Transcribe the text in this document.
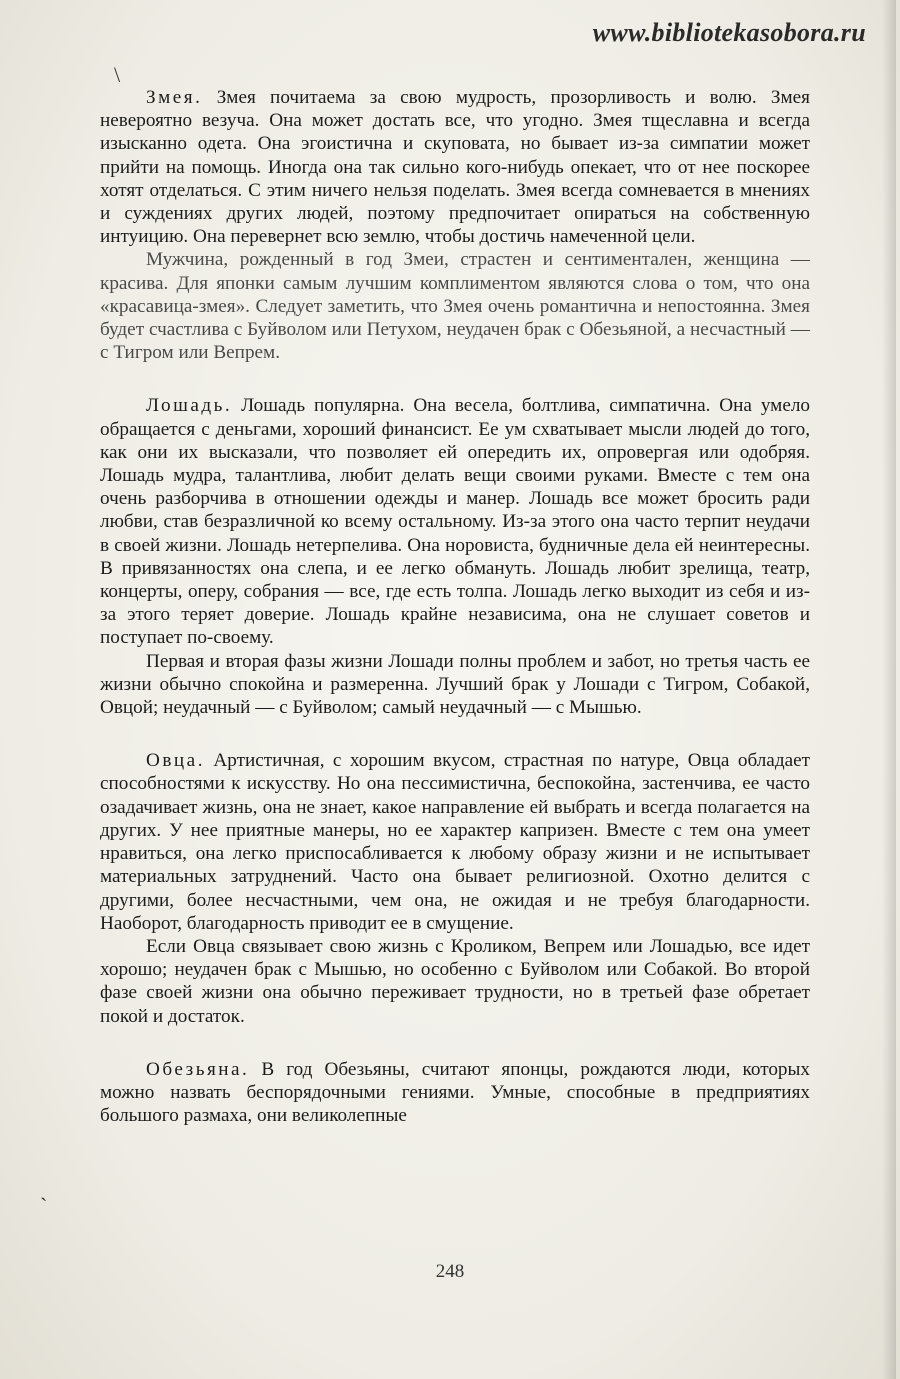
www.bibliotekasobora.ru
\
ˎ

Змея. Змея почитаема за свою мудрость, прозорливость и волю. Змея невероятно везуча. Она может достать все, что угодно. Змея тщеславна и всегда изысканно одета. Она эгоистична и скуповата, но бывает из-за симпатии может прийти на помощь. Иногда она так сильно кого-нибудь опекает, что от нее поскорее хотят отделаться. С этим ничего нельзя поделать. Змея всегда сомневается в мнениях и суждениях других людей, поэтому предпочитает опираться на собственную интуицию. Она перевернет всю землю, чтобы достичь намеченной цели.

Мужчина, рожденный в год Змеи, страстен и сентиментален, женщина — красива. Для японки самым лучшим комплиментом являются слова о том, что она «красавица-змея». Следует заметить, что Змея очень романтична и непостоянна. Змея будет счастлива с Буйволом или Петухом, неудачен брак с Обезьяной, а несчастный — с Тигром или Вепрем.

Лошадь. Лошадь популярна. Она весела, болтлива, симпатична. Она умело обращается с деньгами, хороший финансист. Ее ум схватывает мысли людей до того, как они их высказали, что позволяет ей опередить их, опровергая или одобряя. Лошадь мудра, талантлива, любит делать вещи своими руками. Вместе с тем она очень разборчива в отношении одежды и манер. Лошадь все может бросить ради любви, став безразличной ко всему остальному. Из-за этого она часто терпит неудачи в своей жизни. Лошадь нетерпелива. Она норовиста, будничные дела ей неинтересны. В привязанностях она слепа, и ее легко обмануть. Лошадь любит зрелища, театр, концерты, оперу, собрания — все, где есть толпа. Лошадь легко выходит из себя и из-за этого теряет доверие. Лошадь крайне независима, она не слушает советов и поступает по-своему.

Первая и вторая фазы жизни Лошади полны проблем и забот, но третья часть ее жизни обычно спокойна и размеренна. Лучший брак у Лошади с Тигром, Собакой, Овцой; неудачный — с Буйволом; самый неудачный — с Мышью.

Овца. Артистичная, с хорошим вкусом, страстная по натуре, Овца обладает способностями к искусству. Но она пессимистична, беспокойна, застенчива, ее часто озадачивает жизнь, она не знает, какое направление ей выбрать и всегда полагается на других. У нее приятные манеры, но ее характер капризен. Вместе с тем она умеет нравиться, она легко приспосабливается к любому образу жизни и не испытывает материальных затруднений. Часто она бывает религиозной. Охотно делится с другими, более несчастными, чем она, не ожидая и не требуя благодарности. Наоборот, благодарность приводит ее в смущение.

Если Овца связывает свою жизнь с Кроликом, Вепрем или Лошадью, все идет хорошо; неудачен брак с Мышью, но особенно с Буйволом или Собакой. Во второй фазе своей жизни она обычно переживает трудности, но в третьей фазе обретает покой и достаток.

Обезьяна. В год Обезьяны, считают японцы, рождаются люди, которых можно назвать беспорядочными гениями. Умные, способные в предприятиях большого размаха, они великолепные

248
